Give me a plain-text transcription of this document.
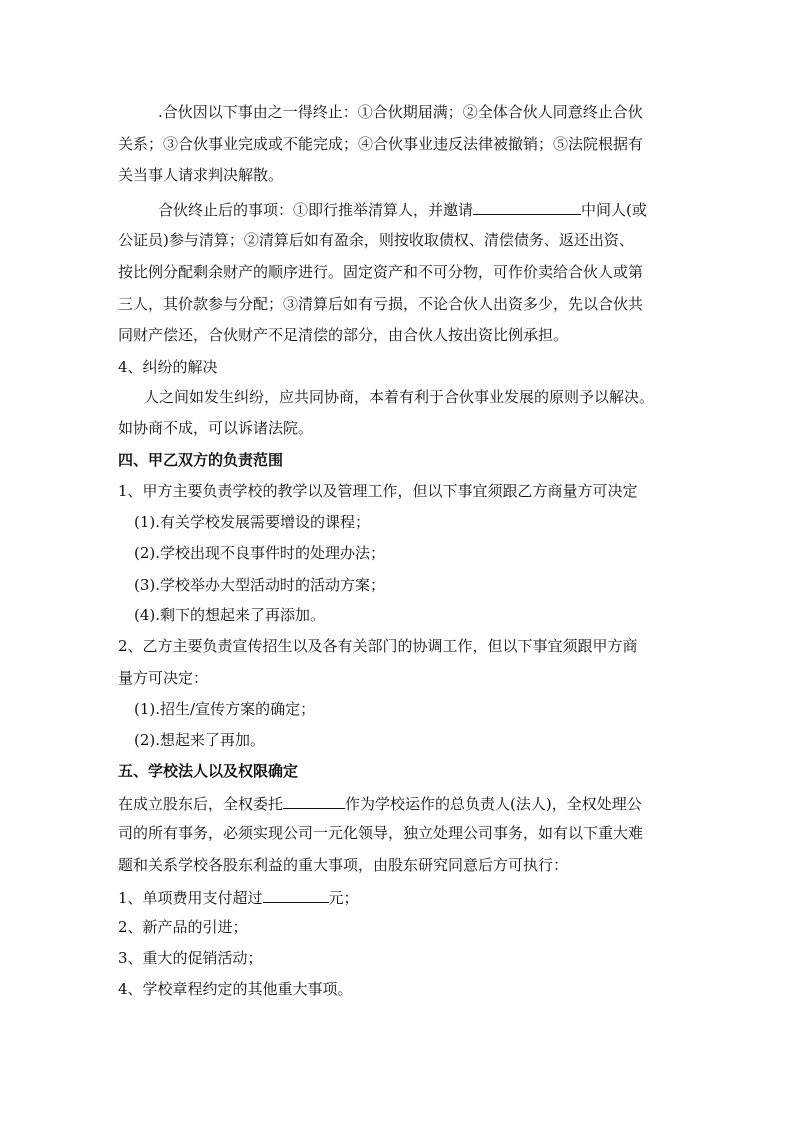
.合伙因以下事由之一得终止：①合伙期届满；②全体合伙人同意终止合伙
关系；③合伙事业完成或不能完成；④合伙事业违反法律被撤销；⑤法院根据有
关当事人请求判决解散。
合伙终止后的事项：①即行推举清算人，并邀请	中间人(或
公证员)参与清算；②清算后如有盈余，则按收取债权、清偿债务、返还出资、
按比例分配剩余财产的顺序进行。固定资产和不可分物，可作价卖给合伙人或第
三人，其价款参与分配；③清算后如有亏损，不论合伙人出资多少，先以合伙共
同财产偿还，合伙财产不足清偿的部分，由合伙人按出资比例承担。
4、纠纷的解决
人之间如发生纠纷，应共同协商，本着有利于合伙事业发展的原则予以解决。
如协商不成，可以诉诸法院。
四、甲乙双方的负责范围
1、甲方主要负责学校的教学以及管理工作，但以下事宜须跟乙方商量方可决定
(1).有关学校发展需要增设的课程；
(2).学校出现不良事件时的处理办法；
(3).学校举办大型活动时的活动方案；
(4).剩下的想起来了再添加。
2、乙方主要负责宣传招生以及各有关部门的协调工作，但以下事宜须跟甲方商
量方可决定：
(1).招生/宣传方案的确定；
(2).想起来了再加。
五、学校法人以及权限确定
在成立股东后，全权委托	作为学校运作的总负责人(法人)，全权处理公
司的所有事务，必须实现公司一元化领导，独立处理公司事务，如有以下重大难
题和关系学校各股东利益的重大事项，由股东研究同意后方可执行：
1、单项费用支付超过	元；
2、新产品的引进；
3、重大的促销活动；
4、学校章程约定的其他重大事项。
